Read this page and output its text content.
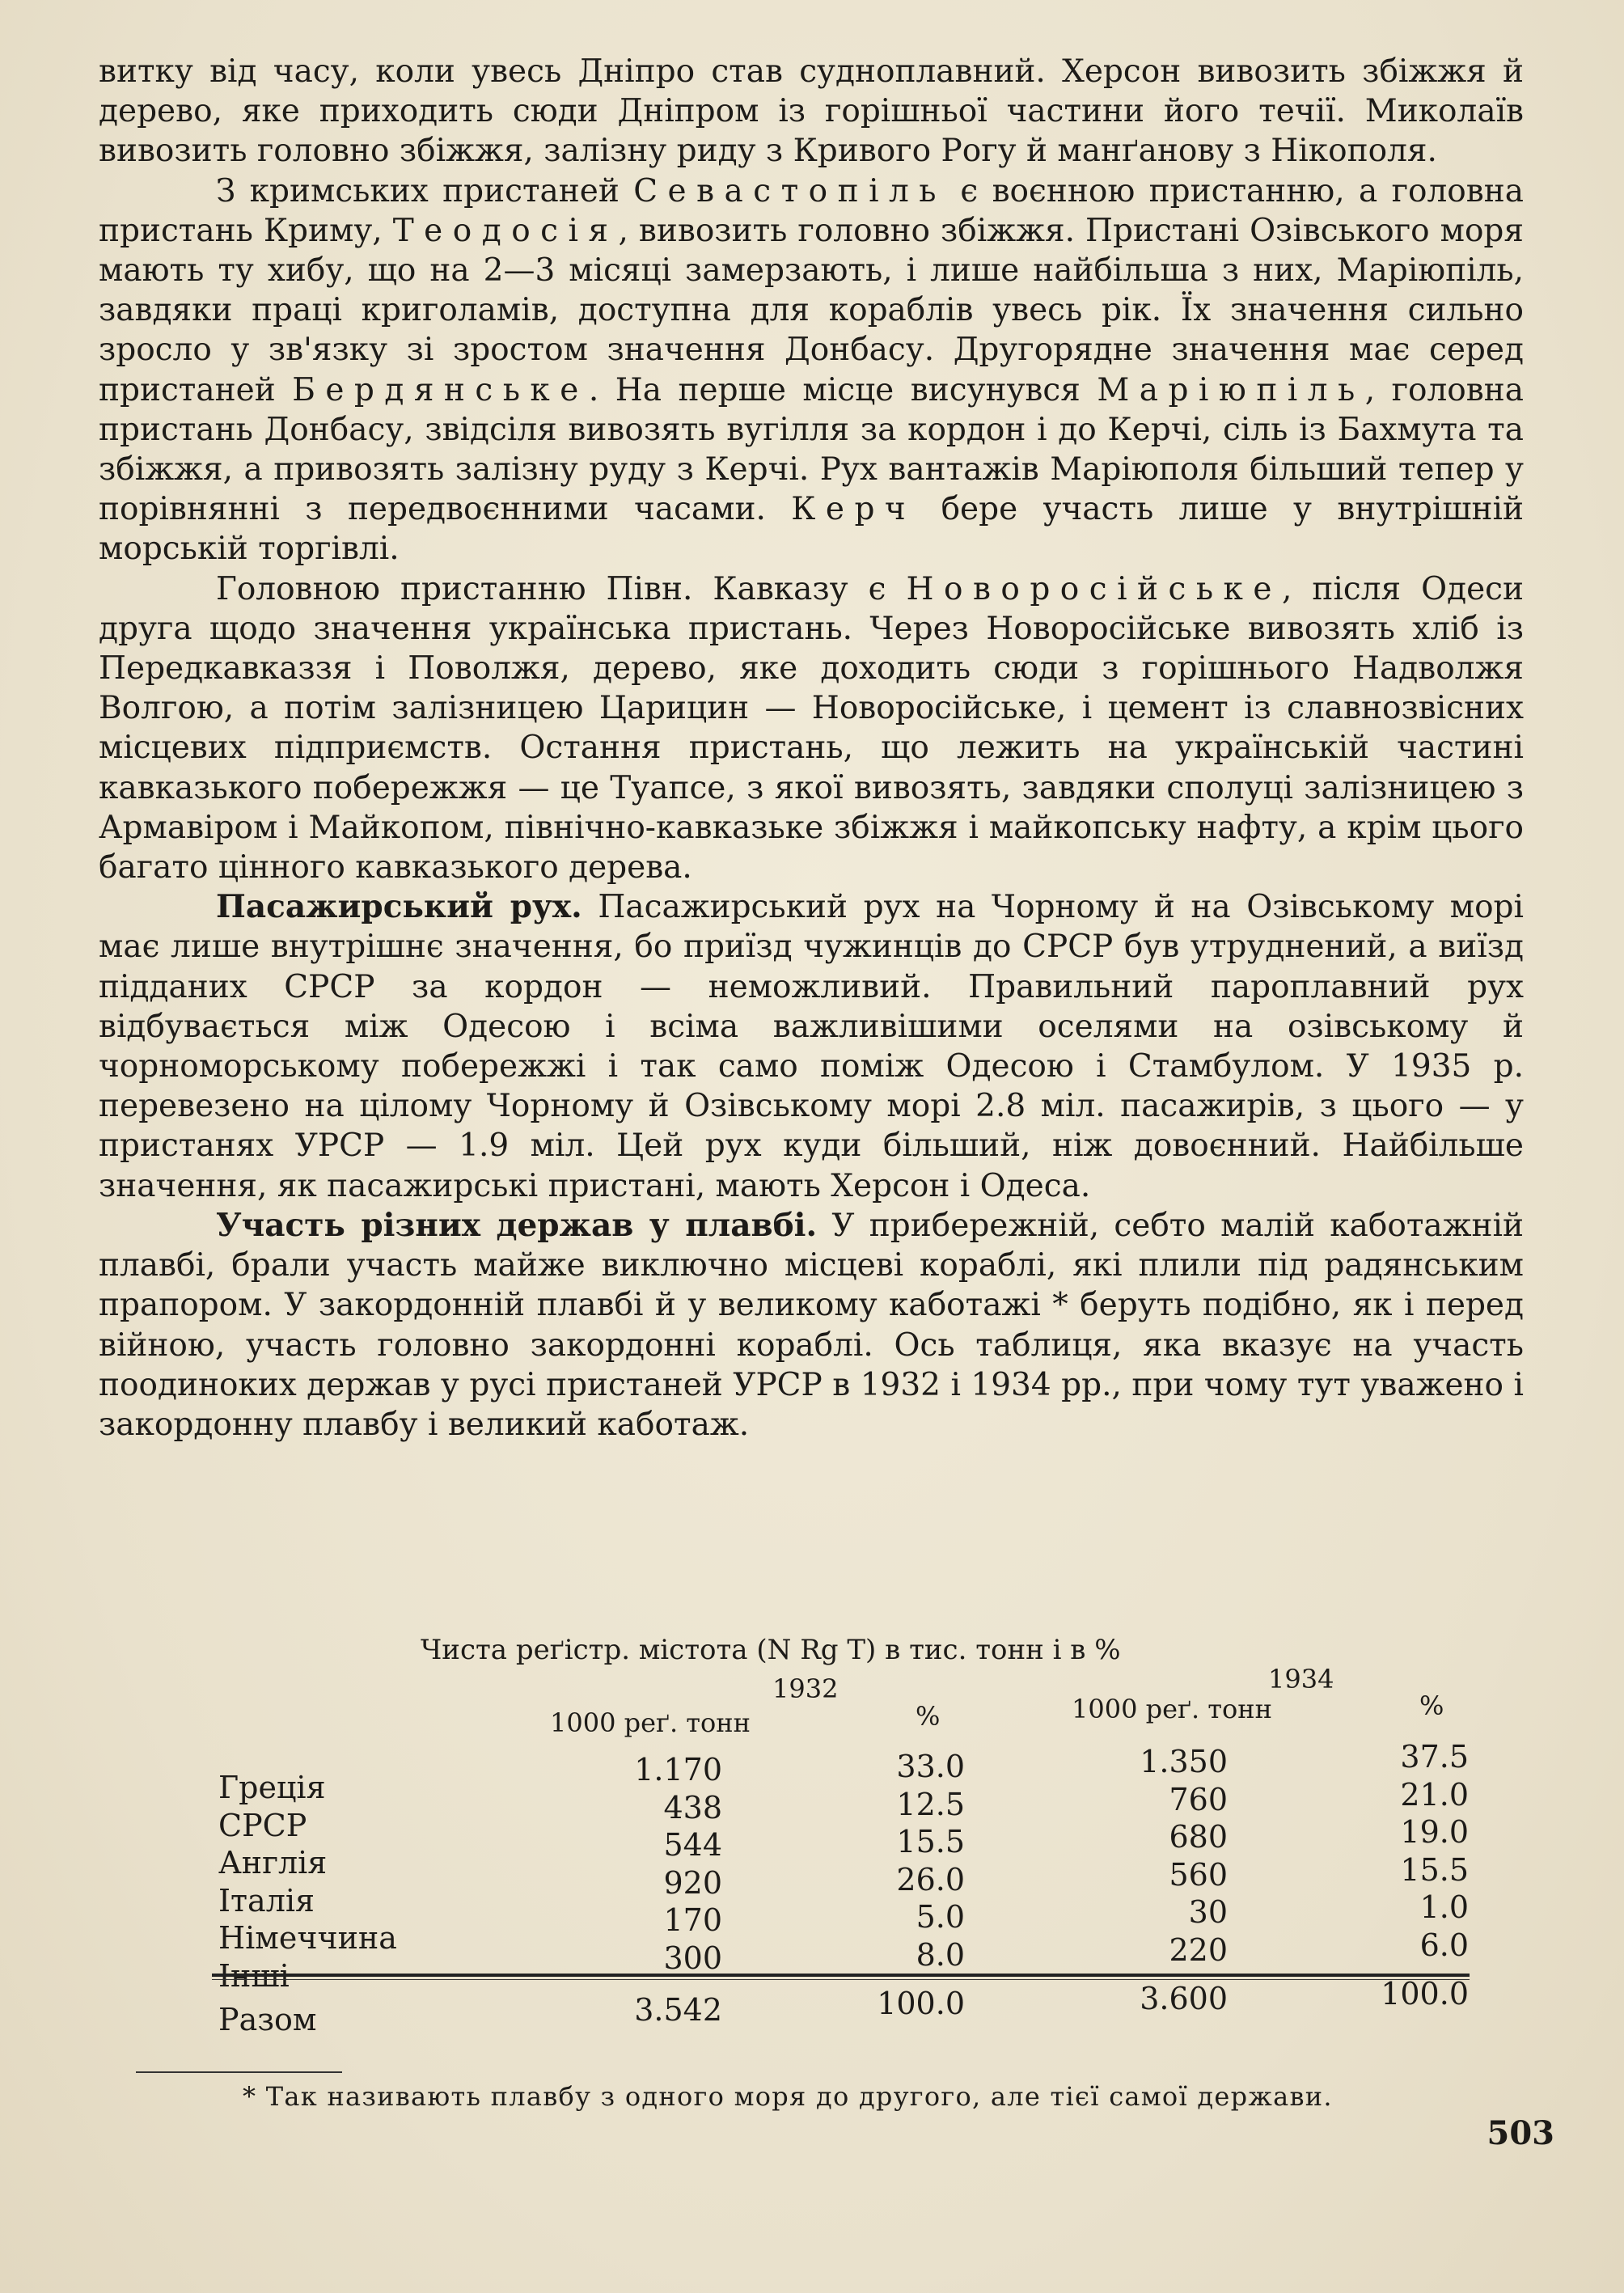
витку від часу, коли увесь Дніпро став судноплавний. Херсон вивозить збіжжя й дерево, яке приходить сюди Дніпром із горішньої частини його течії. Миколаїв вивозить головно збіжжя, залізну риду з Кривого Рогу й манґанову з Нікополя.

З кримських пристаней Севастопіль є воєнною пристанню, а головна пристань Криму, Теодосія, вивозить головно збіжжя. Пристані Озівського моря мають ту хибу, що на 2—3 місяці замерзають, і лише найбільша з них, Маріюпіль, завдяки праці криголамів, доступна для кораблів увесь рік. Їх значення сильно зросло у зв'язку зі зростом значення Донбасу. Другорядне значення має серед пристаней Бердянське. На перше місце висунувся Маріюпіль, головна пристань Донбасу, звідсіля вивозять вугілля за кордон і до Керчі, сіль із Бахмута та збіжжя, а привозять залізну руду з Керчі. Рух вантажів Маріюполя більший тепер у порівнянні з передвоєнними часами. Керч бере участь лише у внутрішній морській торгівлі.

Головною пристанню Півн. Кавказу є Новоросійське, після Одеси друга щодо значення українська пристань. Через Новоросійське вивозять хліб із Передкавказзя і Поволжя, дерево, яке доходить сюди з горішнього Надволжя Волгою, а потім залізницею Царицин — Новоросійське, і цемент із славнозвісних місцевих підприємств. Остання пристань, що лежить на українській частині кавказького побережжя — це Туапсе, з якої вивозять, завдяки сполуці залізницею з Армавіром і Майкопом, північно-кавказьке збіжжя і майкопську нафту, а крім цього багато цінного кавказького дерева.

Пасажирський рух. Пасажирський рух на Чорному й на Озівському морі має лише внутрішнє значення, бо приїзд чужинців до СРСР був утруднений, а виїзд підданих СРСР за кордон — неможливий. Правильний пароплавний рух відбувається між Одесою і всіма важливішими оселями на озівському й чорноморському побережжі і так само поміж Одесою і Стамбулом. У 1935 р. перевезено на цілому Чорному й Озівському морі 2.8 міл. пасажирів, з цього — у пристанях УРСР — 1.9 міл. Цей рух куди більший, ніж довоєнний. Найбільше значення, як пасажирські пристані, мають Херсон і Одеса.

Участь різних держав у плавбі. У прибережній, себто малій каботажній плавбі, брали участь майже виключно місцеві кораблі, які плили під радянським прапором. У закордонній плавбі й у великому каботажі * беруть подібно, як і перед війною, участь головно закордонні кораблі. Ось таблиця, яка вказує на участь поодиноких держав у русі пристаней УРСР в 1932 і 1934 рр., при чому тут уважено і закордонну плавбу і великий каботаж.

Чиста реґістр. містота (N Rg T) в тис. тонн і в %
1932	1934
1000 реґ. тонн	%	1000 реґ. тонн	%
Греція	1.170	33.0	1.350	37.5
СРСР	438	12.5	760	21.0
Англія	544	15.5	680	19.0
Італія	920	26.0	560	15.5
Німеччина	170	5.0	30	1.0
Інші	300	8.0	220	6.0
Разом	3.542	100.0	3.600	100.0
* Так називають плавбу з одного моря до другого, але тієї самої держави.
503
